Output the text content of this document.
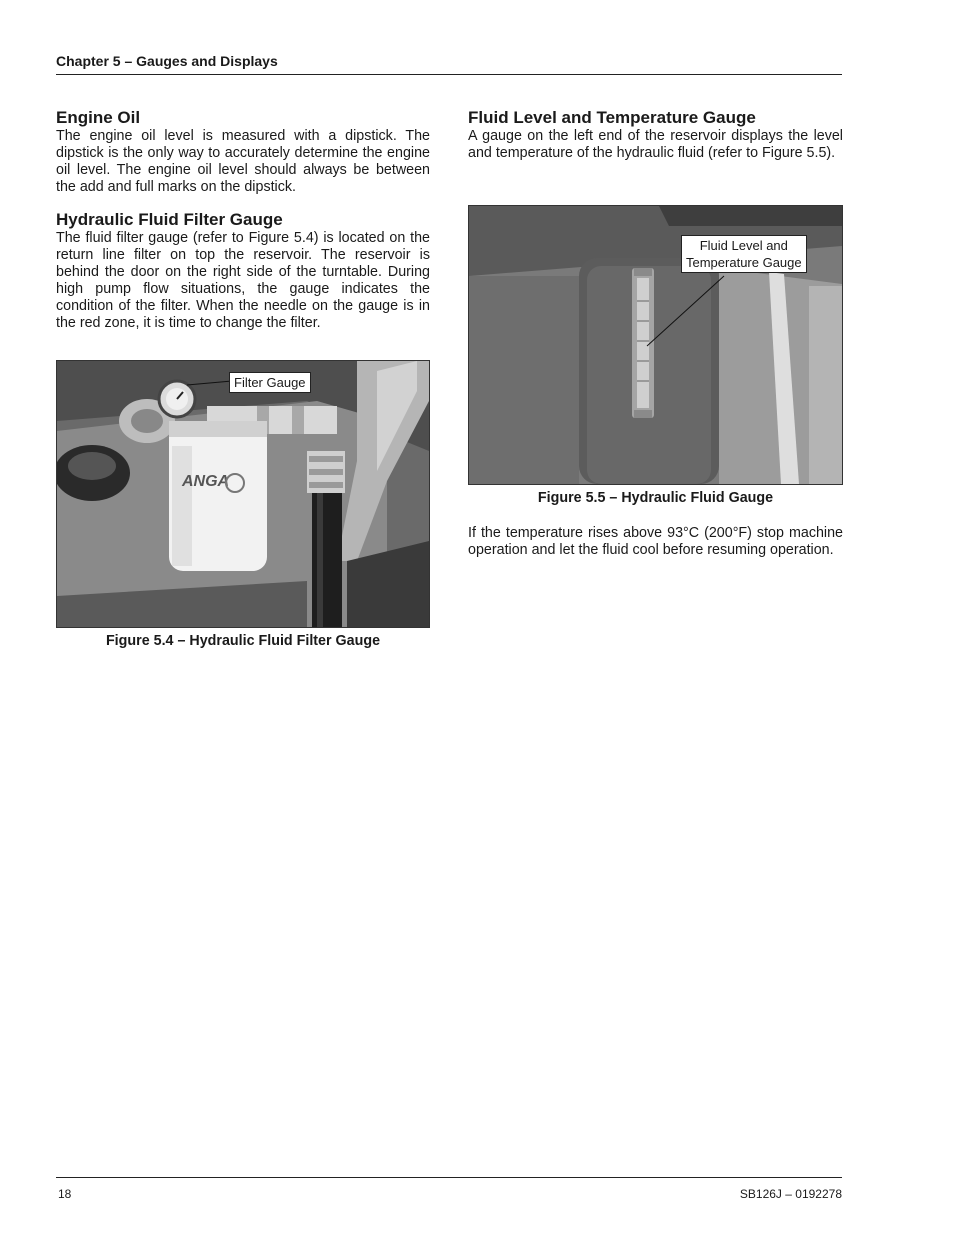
Chapter 5 – Gauges and Displays
Engine Oil

The engine oil level is measured with a dipstick. The dipstick is the only way to accurately determine the engine oil level. The engine oil level should always be between the add and full marks on the dipstick.

Hydraulic Fluid Filter Gauge

The fluid filter gauge (refer to Figure 5.4) is located on the return line filter on top the reservoir. The reservoir is behind the door on the right side of the turntable. During high pump flow situations, the gauge indicates the condition of the filter. When the needle on the gauge is in the red zone, it is time to change the filter.

ANGA
Filter Gauge
Figure 5.4 – Hydraulic Fluid Filter Gauge
Fluid Level and Temperature Gauge

A gauge on the left end of the reservoir displays the level and temperature of the hydraulic fluid (refer to Figure 5.5).

Fluid Level and
Temperature Gauge
Figure 5.5 – Hydraulic Fluid Gauge

If the temperature rises above 93°C (200°F) stop machine operation and let the fluid cool before resuming operation.

18	SB126J – 0192278
